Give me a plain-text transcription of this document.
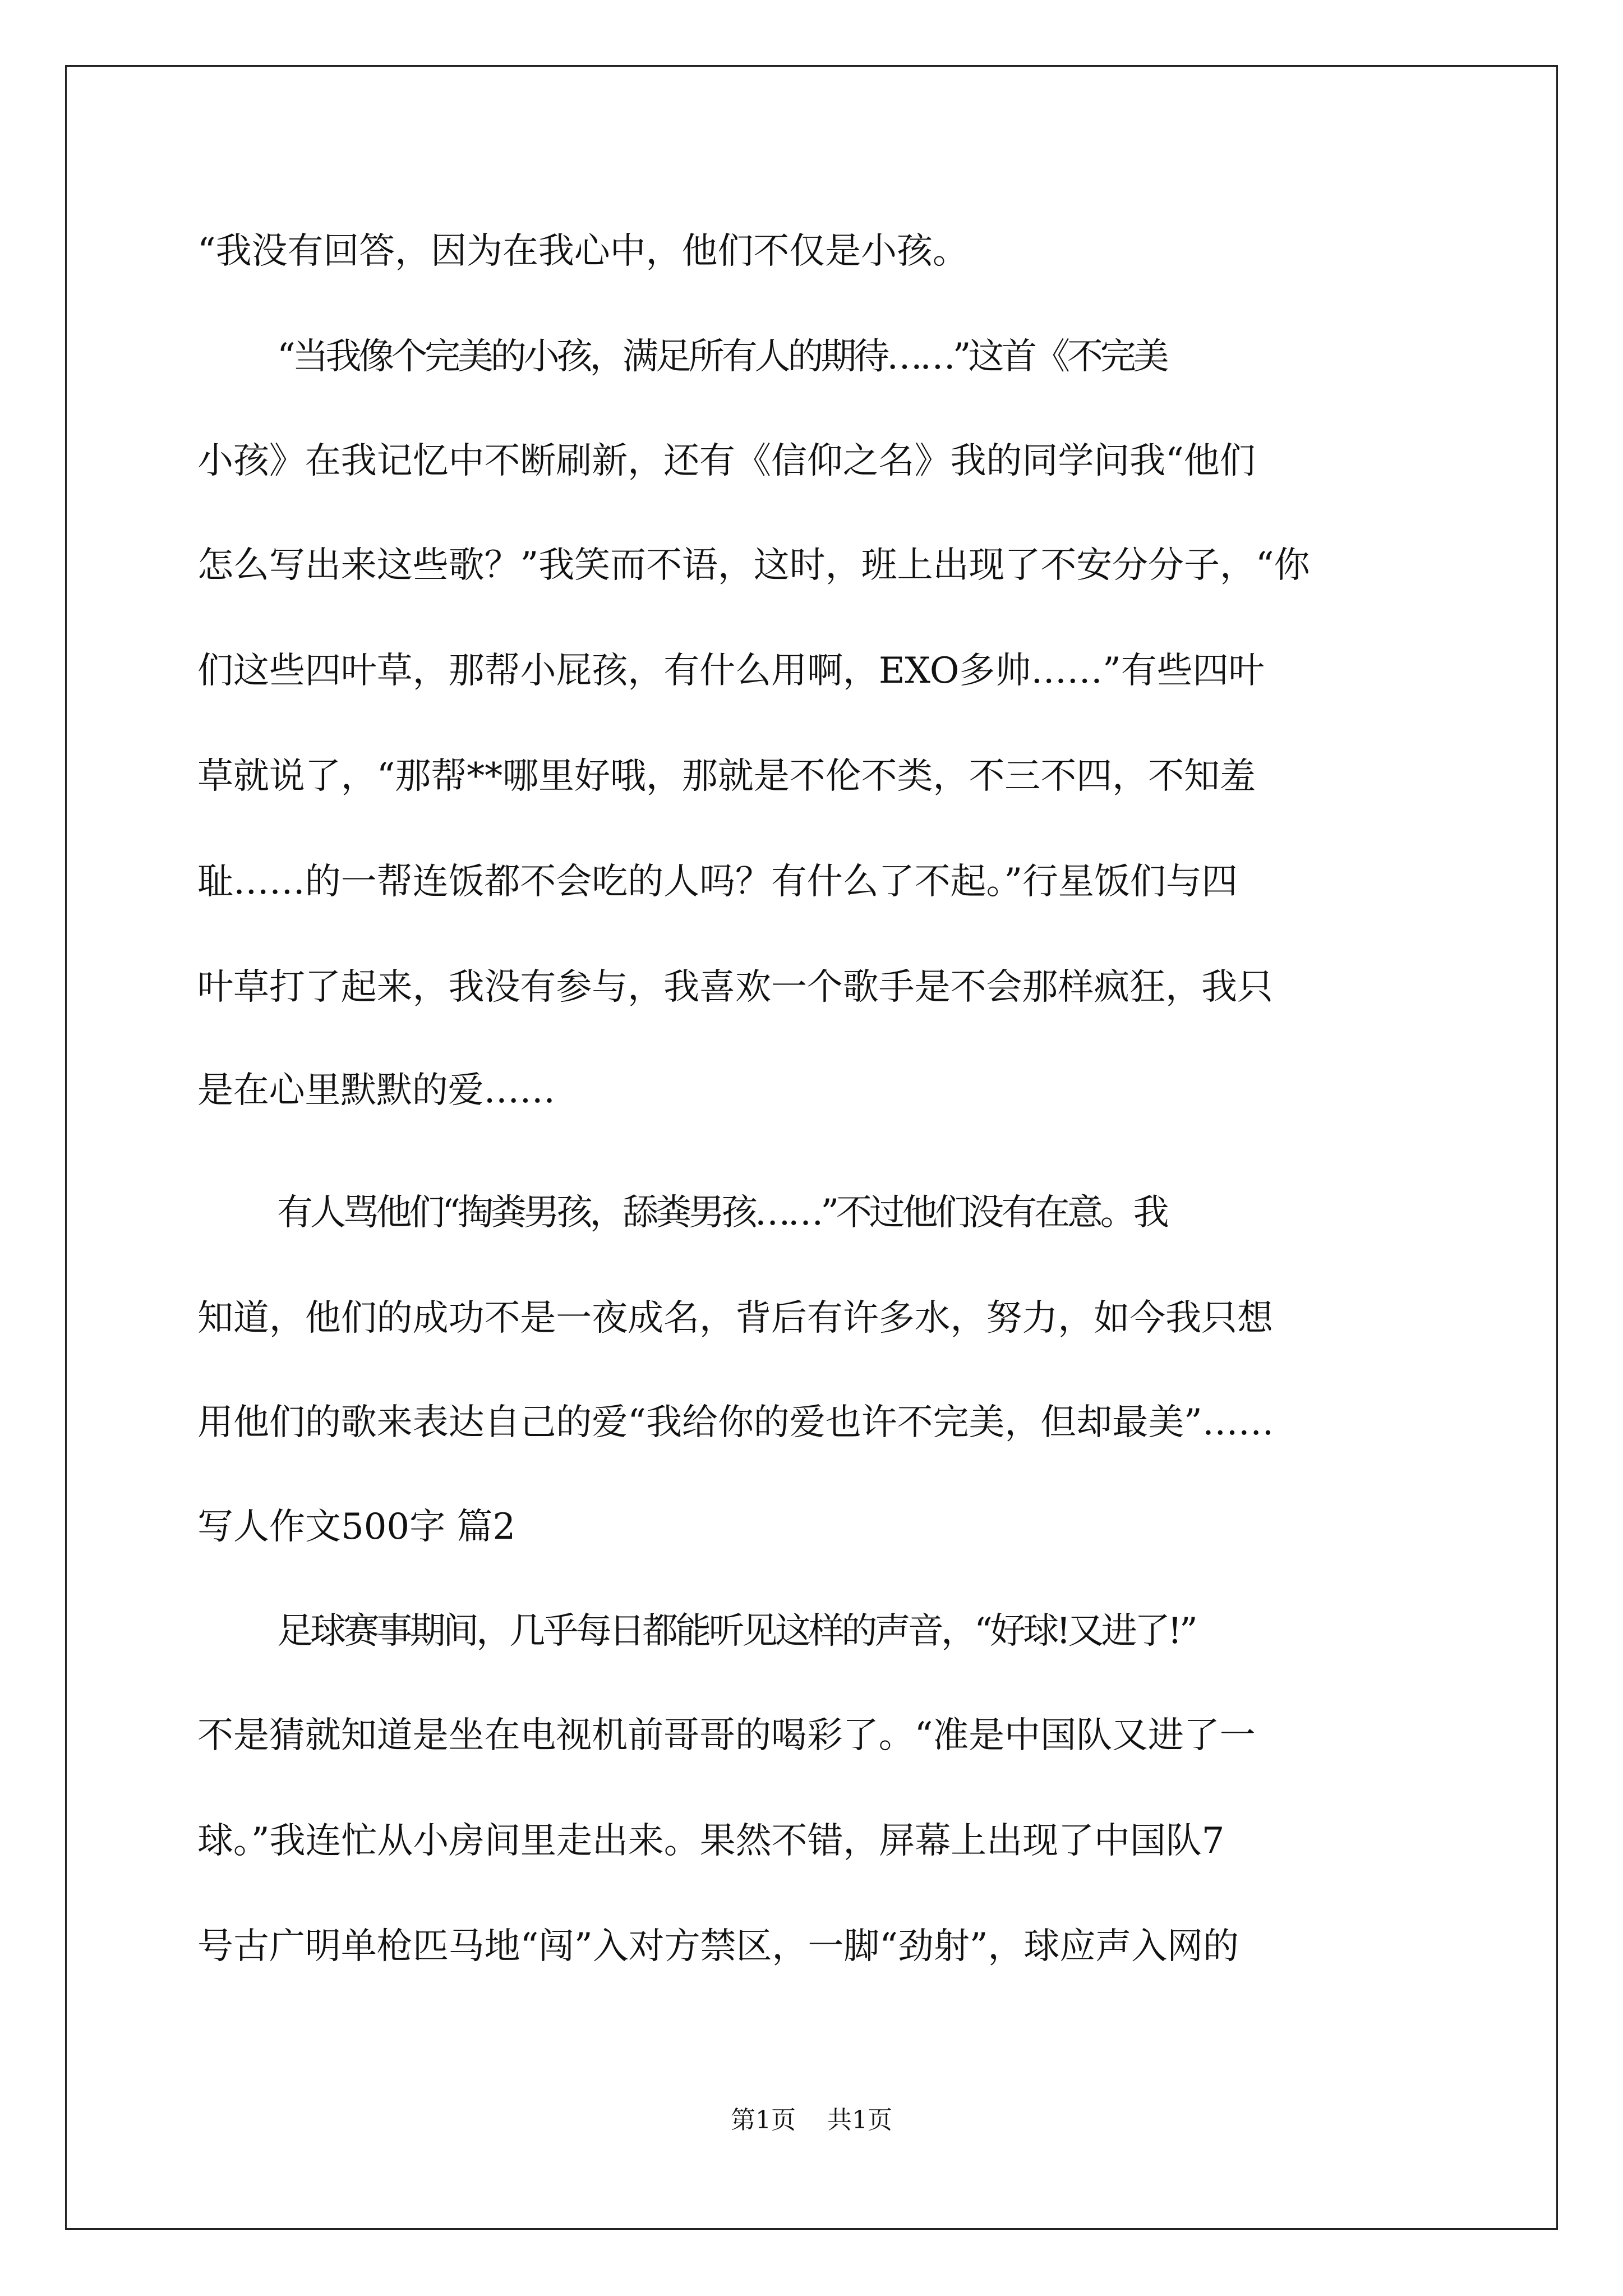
“我没有回答，因为在我心中，他们不仅是小孩。

“当我像个完美的小孩，满足所有人的期待……”这首《不完美

小孩》在我记忆中不断刷新，还有《信仰之名》我的同学问我“他们

怎么写出来这些歌？”我笑而不语，这时，班上出现了不安分分子，“你

们这些四叶草，那帮小屁孩，有什么用啊，EXO多帅……”有些四叶

草就说了，“那帮**哪里好哦，那就是不伦不类，不三不四，不知羞

耻……的一帮连饭都不会吃的人吗？有什么了不起。”行星饭们与四

叶草打了起来，我没有参与，我喜欢一个歌手是不会那样疯狂，我只

是在心里默默的爱……

有人骂他们“掏粪男孩，舔粪男孩……”不过他们没有在意。我

知道，他们的成功不是一夜成名，背后有许多水，努力，如今我只想

用他们的歌来表达自己的爱“我给你的爱也许不完美，但却最美”……

写人作文500字 篇2

足球赛事期间，几乎每日都能听见这样的声音，“好球!又进了!”

不是猜就知道是坐在电视机前哥哥的喝彩了。“准是中国队又进了一

球。”我连忙从小房间里走出来。果然不错，屏幕上出现了中国队7

号古广明单枪匹马地“闯”入对方禁区，一脚“劲射”，球应声入网的

第1页 共1页
